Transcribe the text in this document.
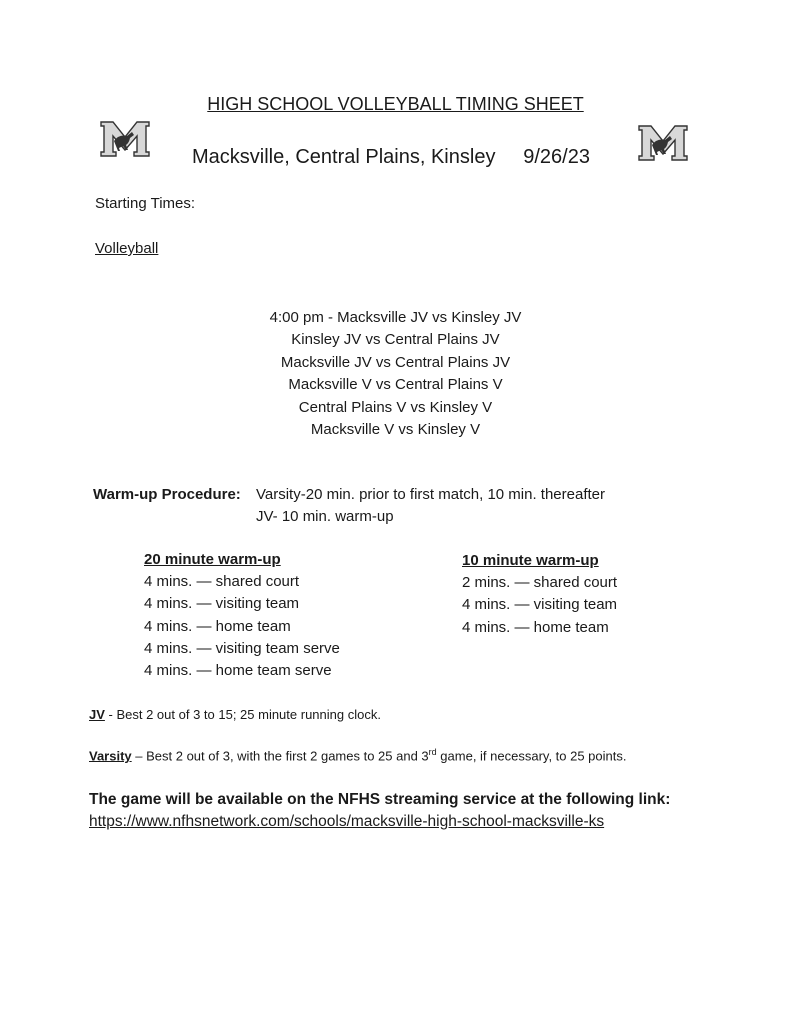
HIGH SCHOOL VOLLEYBALL TIMING SHEET
Macksville, Central Plains, Kinsley 9/26/23
Starting Times:
Volleyball
4:00 pm - Macksville JV vs Kinsley JV
Kinsley JV vs Central Plains JV
Macksville JV vs Central Plains JV
Macksville V vs Central Plains V
Central Plains V vs Kinsley V
Macksville V vs Kinsley V
Warm-up Procedure: Varsity-20 min. prior to first match, 10 min. thereafter
JV- 10 min. warm-up
20 minute warm-up
4 mins. — shared court
4 mins. — visiting team
4 mins. — home team
4 mins. — visiting team serve
4 mins. — home team serve
10 minute warm-up
2 mins. — shared court
4 mins. — visiting team
4 mins. — home team
JV - Best 2 out of 3 to 15; 25 minute running clock.
Varsity – Best 2 out of 3, with the first 2 games to 25 and 3rd game, if necessary, to 25 points.
The game will be available on the NFHS streaming service at the following link:
https://www.nfhsnetwork.com/schools/macksville-high-school-macksville-ks
